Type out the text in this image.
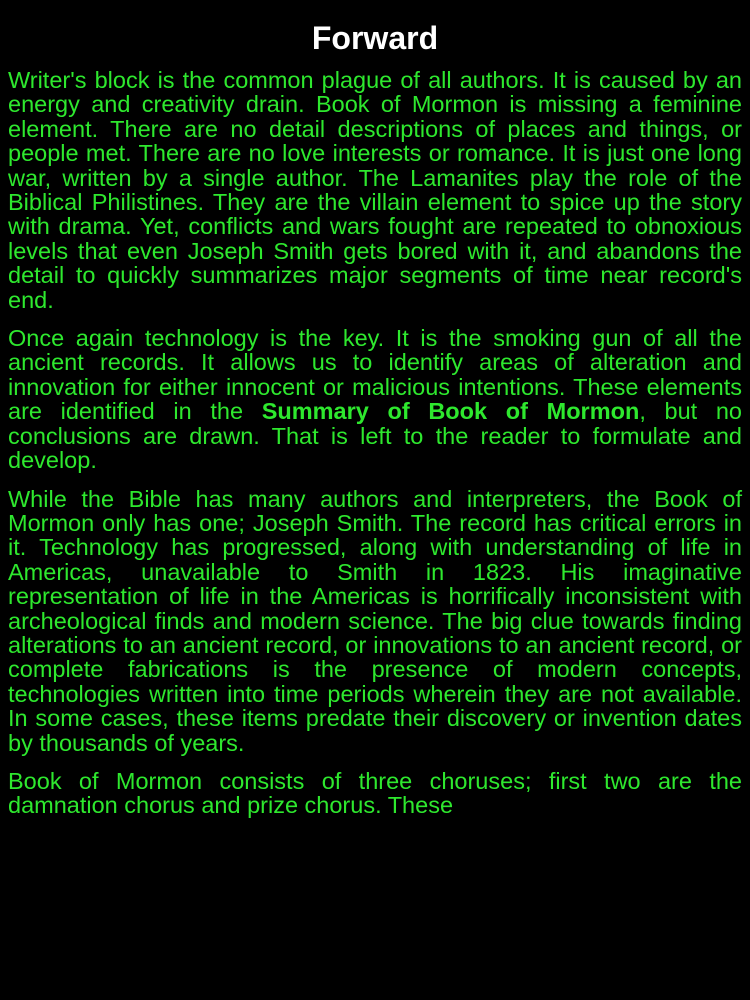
Forward

Writer's block is the common plague of all authors. It is caused by an energy and creativity drain. Book of Mormon is missing a feminine element. There are no detail descriptions of places and things, or people met. There are no love interests or romance. It is just one long war, written by a single author. The Lamanites play the role of the Biblical Philistines. They are the villain element to spice up the story with drama. Yet, conflicts and wars fought are repeated to obnoxious levels that even Joseph Smith gets bored with it, and abandons the detail to quickly summarizes major segments of time near record's end.

Once again technology is the key. It is the smoking gun of all the ancient records. It allows us to identify areas of alteration and innovation for either innocent or malicious intentions. These elements are identified in the Summary of Book of Mormon, but no conclusions are drawn. That is left to the reader to formulate and develop.

While the Bible has many authors and interpreters, the Book of Mormon only has one; Joseph Smith. The record has critical errors in it. Technology has progressed, along with understanding of life in Americas, unavailable to Smith in 1823. His imaginative representation of life in the Americas is horrifically inconsistent with archeological finds and modern science. The big clue towards finding alterations to an ancient record, or innovations to an ancient record, or complete fabrications is the presence of modern concepts, technologies written into time periods wherein they are not available. In some cases, these items predate their discovery or invention dates by thousands of years.

Book of Mormon consists of three choruses; first two are the damnation chorus and prize chorus. These
